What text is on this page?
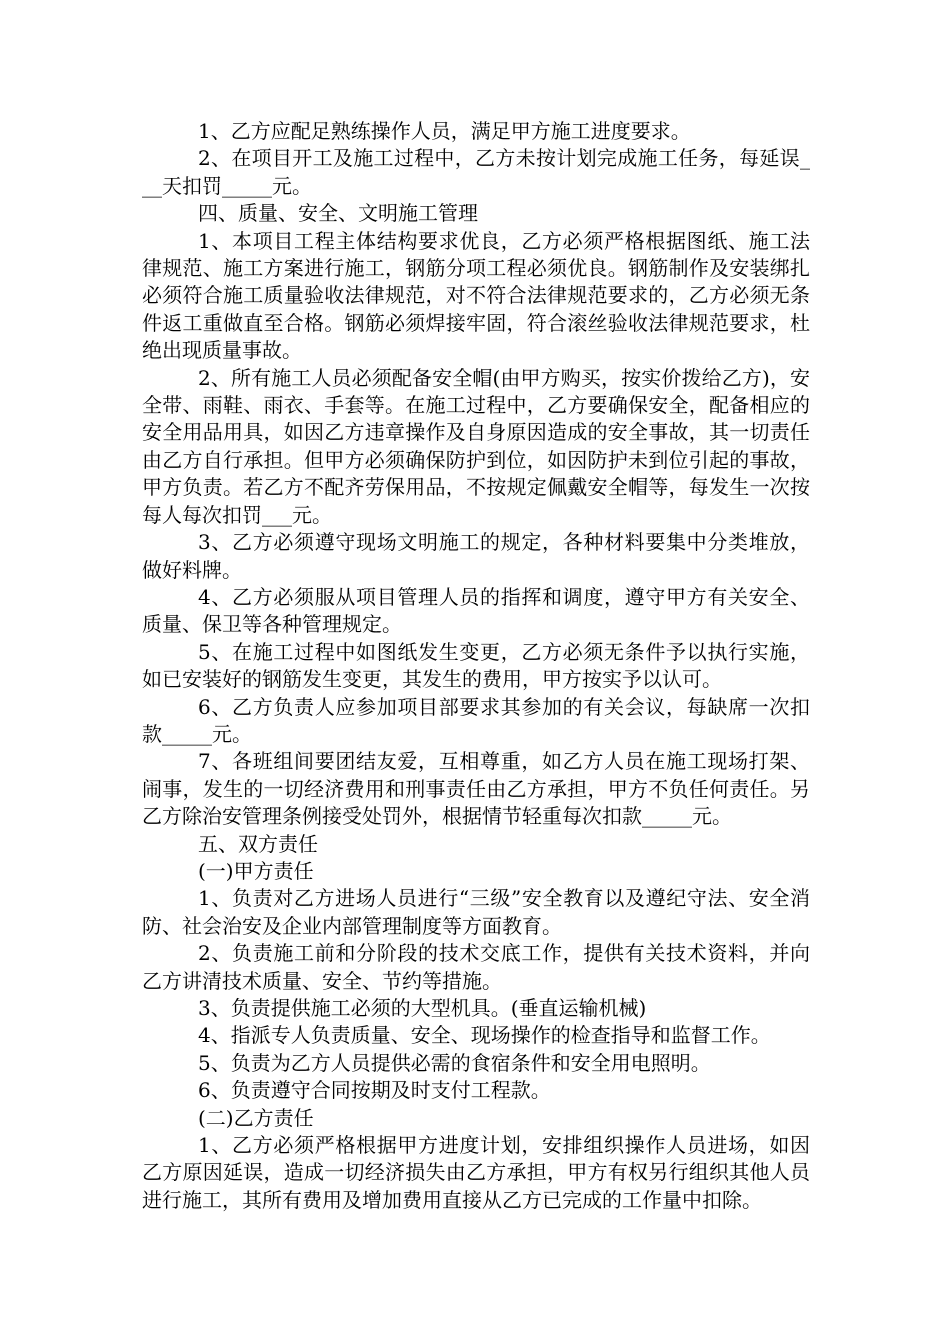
1、乙方应配足熟练操作人员，满足甲方施工进度要求。

2、在项目开工及施工过程中，乙方未按计划完成施工任务，每延误___天扣罚_____元。

四、质量、安全、文明施工管理

1、本项目工程主体结构要求优良，乙方必须严格根据图纸、施工法律规范、施工方案进行施工，钢筋分项工程必须优良。钢筋制作及安装绑扎必须符合施工质量验收法律规范，对不符合法律规范要求的，乙方必须无条件返工重做直至合格。钢筋必须焊接牢固，符合滚丝验收法律规范要求，杜绝出现质量事故。

2、所有施工人员必须配备安全帽(由甲方购买，按实价拨给乙方)，安全带、雨鞋、雨衣、手套等。在施工过程中，乙方要确保安全，配备相应的安全用品用具，如因乙方违章操作及自身原因造成的安全事故，其一切责任由乙方自行承担。但甲方必须确保防护到位，如因防护未到位引起的事故，甲方负责。若乙方不配齐劳保用品，不按规定佩戴安全帽等，每发生一次按每人每次扣罚___元。

3、乙方必须遵守现场文明施工的规定，各种材料要集中分类堆放，做好料牌。

4、乙方必须服从项目管理人员的指挥和调度，遵守甲方有关安全、质量、保卫等各种管理规定。

5、在施工过程中如图纸发生变更，乙方必须无条件予以执行实施，如已安装好的钢筋发生变更，其发生的费用，甲方按实予以认可。

6、乙方负责人应参加项目部要求其参加的有关会议，每缺席一次扣款_____元。

7、各班组间要团结友爱，互相尊重，如乙方人员在施工现场打架、闹事，发生的一切经济费用和刑事责任由乙方承担，甲方不负任何责任。另乙方除治安管理条例接受处罚外，根据情节轻重每次扣款_____元。

五、双方责任

(一)甲方责任

1、负责对乙方进场人员进行“三级”安全教育以及遵纪守法、安全消防、社会治安及企业内部管理制度等方面教育。

2、负责施工前和分阶段的技术交底工作，提供有关技术资料，并向乙方讲清技术质量、安全、节约等措施。

3、负责提供施工必须的大型机具。(垂直运输机械)

4、指派专人负责质量、安全、现场操作的检查指导和监督工作。

5、负责为乙方人员提供必需的食宿条件和安全用电照明。

6、负责遵守合同按期及时支付工程款。

(二)乙方责任

1、乙方必须严格根据甲方进度计划，安排组织操作人员进场，如因乙方原因延误，造成一切经济损失由乙方承担，甲方有权另行组织其他人员进行施工，其所有费用及增加费用直接从乙方已完成的工作量中扣除。
